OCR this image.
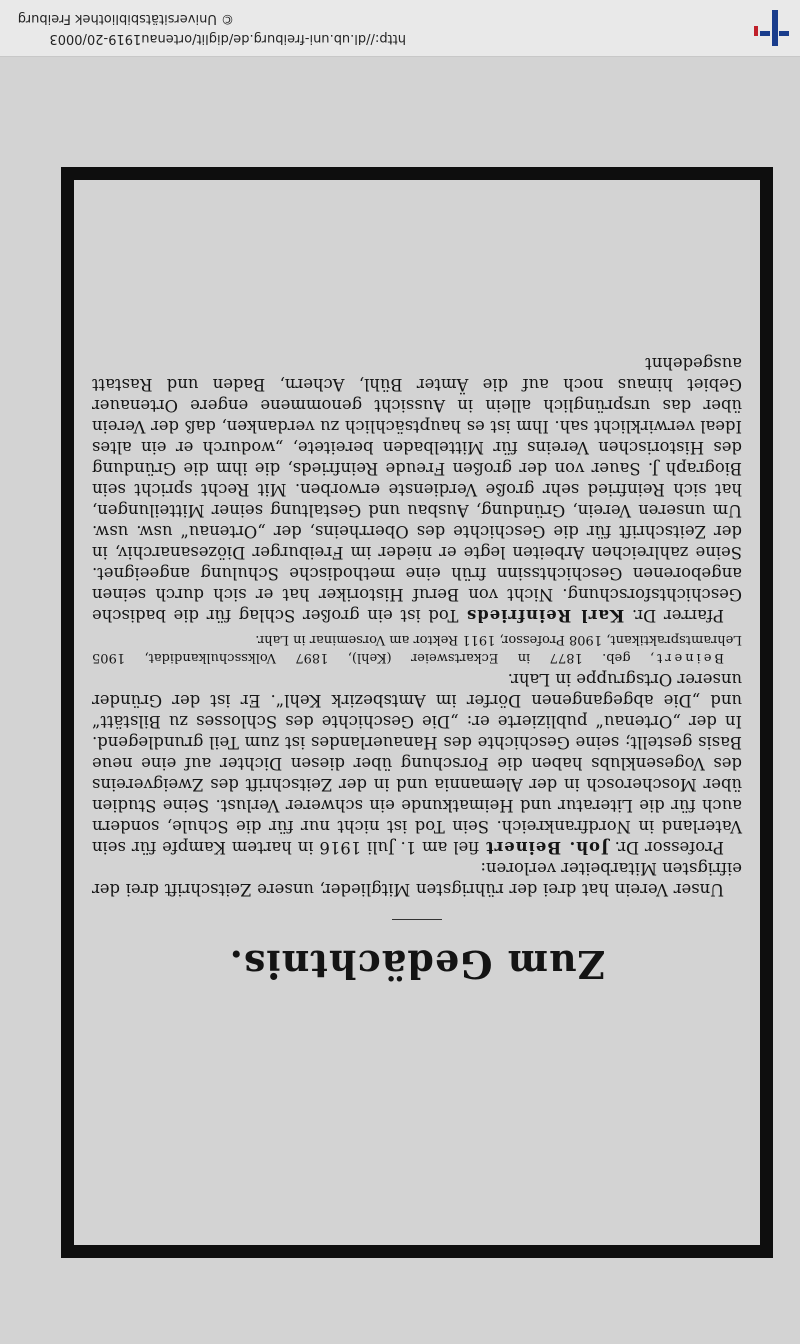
Zum Gedächtnis.

Unser Verein hat drei der rührigsten Mitglieder, unsere Zeitschrift drei der eifrigsten Mitarbeiter verloren:

Professor Dr. Joh. Beinert fiel am 1. Juli 1916 in hartem Kampfe für sein Vaterland in Nordfrankreich. Sein Tod ist nicht nur für die Schule, sondern auch für die Literatur und Heimatkunde ein schwerer Verlust. Seine Studien über Moscherosch in der Alemannia und in der Zeitschrift des Zweigvereins des Vogesenklubs haben die Forschung über diesen Dichter auf eine neue Basis gestellt; seine Geschichte des Hanauerlandes ist zum Teil grundlegend. In der „Ortenau“ publizierte er: „Die Geschichte des Schlosses zu Bilstätt“ und „Die abgegangenen Dörfer im Amtsbezirk Kehl“. Er ist der Gründer unserer Ortsgruppe in Lahr.

Beinert, geb. 1877 in Eckartsweier (Kehl), 1897 Volksschulkandidat, 1905 Lehramtspraktikant, 1908 Professor, 1911 Rektor am Vorseminar in Lahr.

Pfarrer Dr. Karl Reinfrieds Tod ist ein großer Schlag für die badische Geschichtsforschung. Nicht von Beruf Historiker hat er sich durch seinen angeborenen Geschichtssinn früh eine methodische Schulung angeeignet. Seine zahlreichen Arbeiten legte er nieder im Freiburger Diözesanarchiv, in der Zeitschrift für die Geschichte des Oberrheins, der „Ortenau“ usw. usw. Um unseren Verein, Gründung, Ausbau und Gestaltung seiner Mitteilungen, hat sich Reinfried sehr große Verdienste erworben. Mit Recht spricht sein Biograph J. Sauer von der großen Freude Reinfrieds, die ihm die Gründung des Historischen Vereins für Mittelbaden bereitete, „wodurch er ein altes Ideal verwirklicht sah. Ihm ist es hauptsächlich zu verdanken, daß der Verein über das ursprünglich allein in Aussicht genommene engere Ortenauer Gebiet hinaus noch auf die Ämter Bühl, Achern, Baden und Rastatt ausgedehnt

http://dl.ub.uni-freiburg.de/diglit/ortenau1919-20/0003
© Universitätsbibliothek Freiburg
